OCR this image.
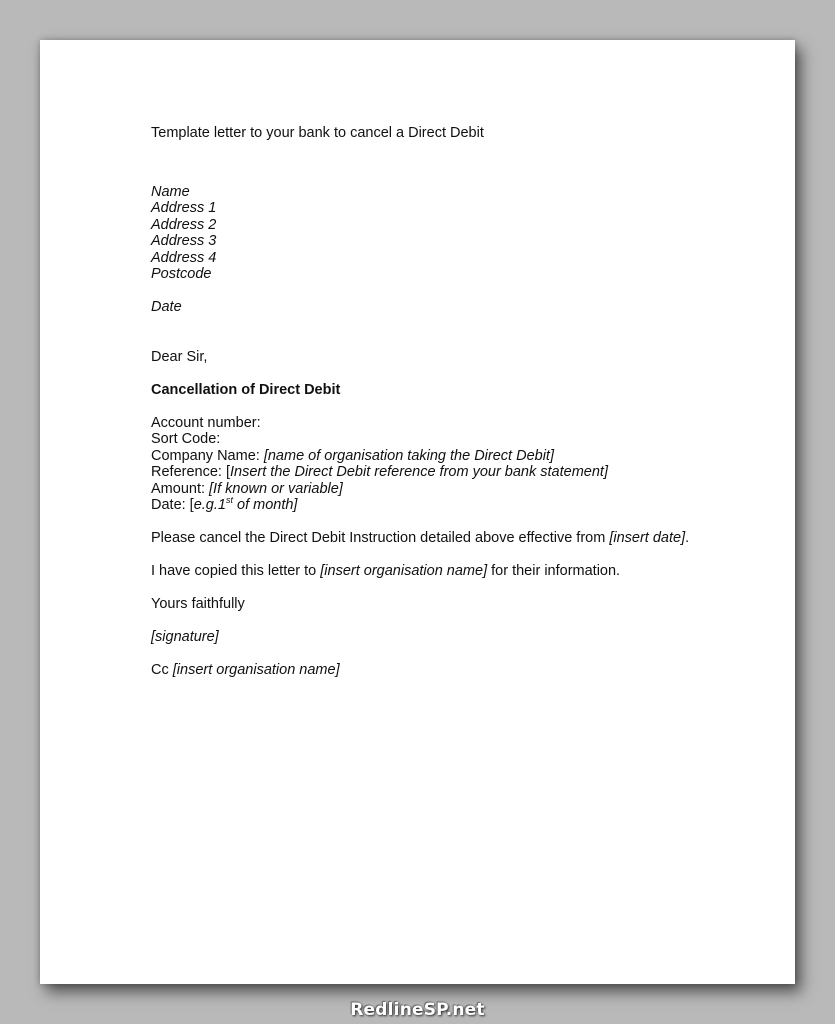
Template letter to your bank to cancel a Direct Debit
Name
Address 1
Address 2
Address 3
Address 4
Postcode
Date
Dear Sir,
Cancellation of Direct Debit
Account number:
Sort Code:
Company Name: [name of organisation taking the Direct Debit]
Reference: [Insert the Direct Debit reference from your bank statement]
Amount: [If known or variable]
Date: [e.g.1st of month]
Please cancel the Direct Debit Instruction detailed above effective from [insert date].
I have copied this letter to [insert organisation name] for their information.
Yours faithfully
[signature]
Cc [insert organisation name]
RedlineSP.net
